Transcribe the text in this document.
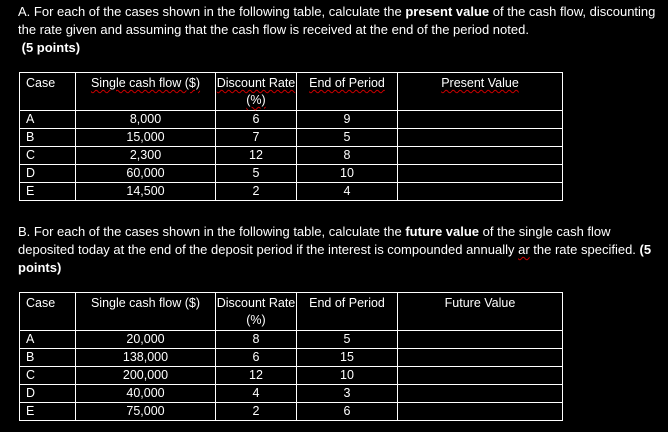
A. For each of the cases shown in the following table, calculate the present value of the cash flow, discounting the rate given and assuming that the cash flow is received at the end of the period noted.
(5 points)
Case	Single cash flow ($)	Discount Rate (%)	End of Period	Present Value
A	8,000	6	9	
B	15,000	7	5	
C	2,300	12	8	
D	60,000	5	10	
E	14,500	2	4	
B. For each of the cases shown in the following table, calculate the future value of the single cash flow deposited today at the end of the deposit period if the interest is compounded annually ar the rate specified. (5 points)
Case	Single cash flow ($)	Discount Rate (%)	End of Period	Future Value
A	20,000	8	5	
B	138,000	6	15	
C	200,000	12	10	
D	40,000	4	3	
E	75,000	2	6	
